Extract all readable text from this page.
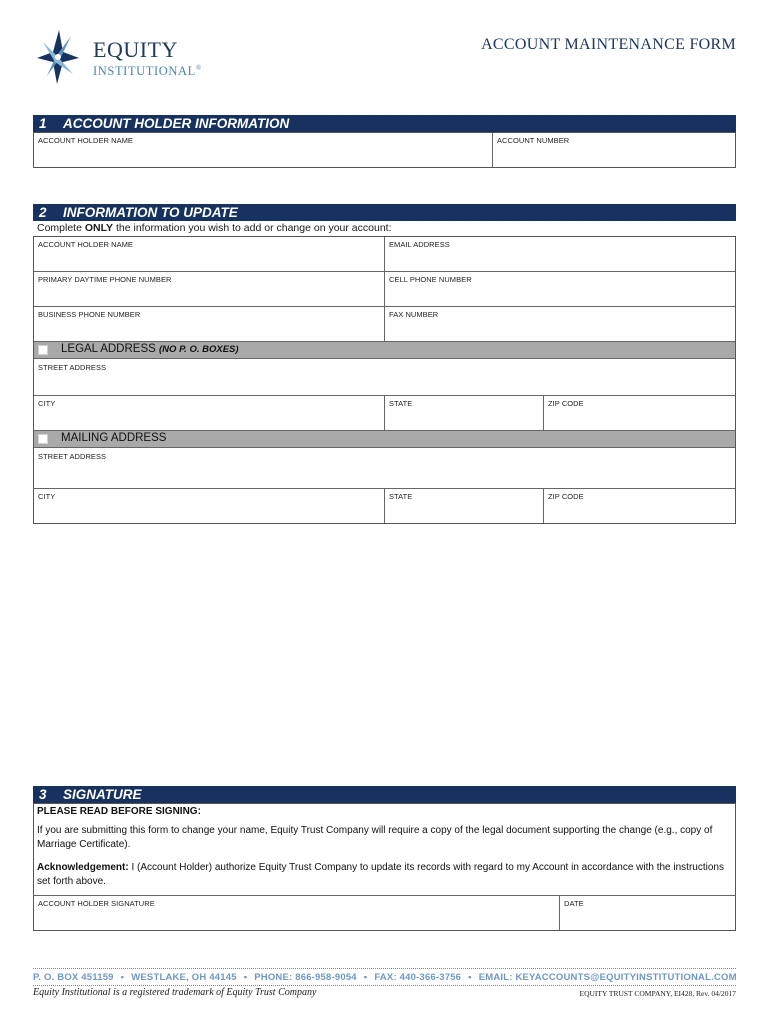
EQUITY
INSTITUTIONAL®
ACCOUNT MAINTENANCE FORM
1 ACCOUNT HOLDER INFORMATION
ACCOUNT HOLDER NAME	ACCOUNT NUMBER
2 INFORMATION TO UPDATE
Complete ONLY the information you wish to add or change on your account:
ACCOUNT HOLDER NAME	EMAIL ADDRESS
PRIMARY DAYTIME PHONE NUMBER	CELL PHONE NUMBER
BUSINESS PHONE NUMBER	FAX NUMBER
LEGAL ADDRESS (NO P. O. BOXES)
STREET ADDRESS
CITY	STATE	ZIP CODE
MAILING ADDRESS
STREET ADDRESS
CITY	STATE	ZIP CODE
3 SIGNATURE
PLEASE READ BEFORE SIGNING:
If you are submitting this form to change your name, Equity Trust Company will require a copy of the legal document supporting the change (e.g., copy of Marriage Certificate).
Acknowledgement: I (Account Holder) authorize Equity Trust Company to update its records with regard to my Account in accordance with the instructions set forth above.
ACCOUNT HOLDER SIGNATURE	DATE
P. O. BOX 451159 • WESTLAKE, OH 44145 • PHONE: 866-958-9054 • FAX: 440-366-3756 • EMAIL: KEYACCOUNTS@EQUITYINSTITUTIONAL.COM
Equity Institutional is a registered trademark of Equity Trust Company	EQUITY TRUST COMPANY, EI428, Rev. 04/2017
